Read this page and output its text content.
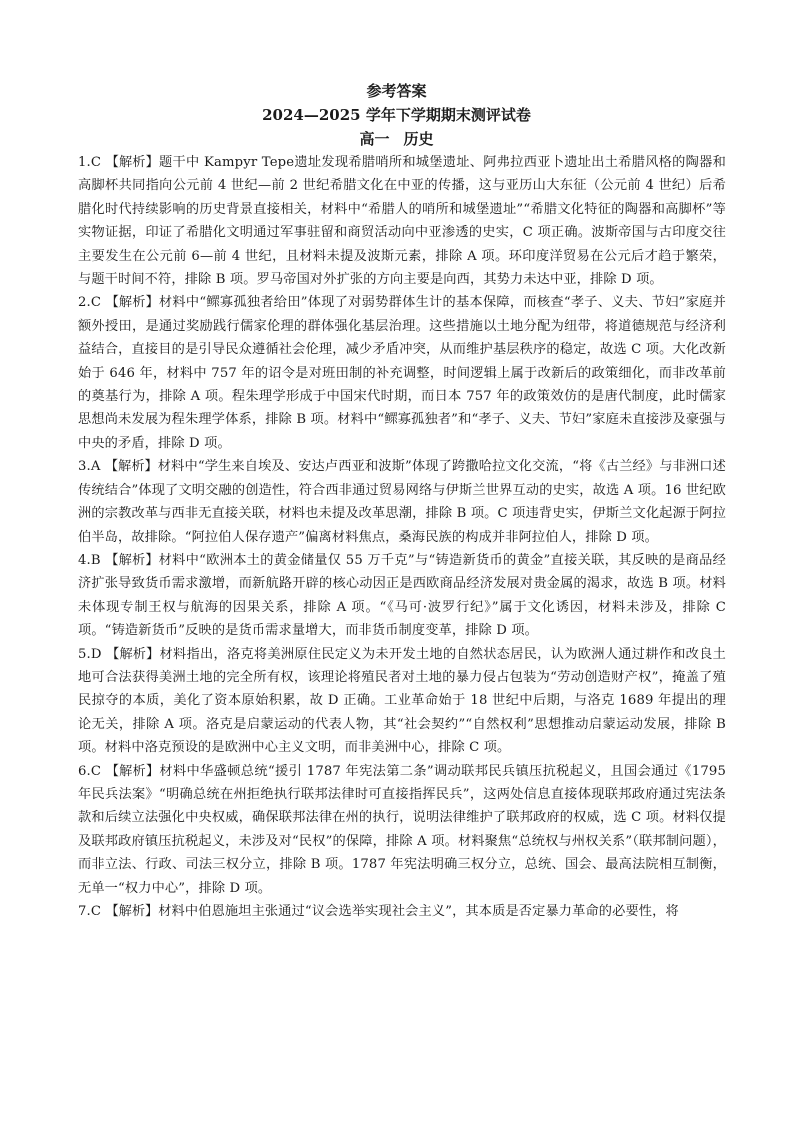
参考答案
2024—2025 学年下学期期末测评试卷
高一 历史

1.C 【解析】题干中 Kampyr Tepe遗址发现希腊哨所和城堡遗址、阿弗拉西亚卜遗址出土希腊风格的陶器和高脚杯共同指向公元前 4 世纪—前 2 世纪希腊文化在中亚的传播，这与亚历山大东征（公元前 4 世纪）后希腊化时代持续影响的历史背景直接相关，材料中“希腊人的哨所和城堡遗址”“希腊文化特征的陶器和高脚杯”等实物证据，印证了希腊化文明通过军事驻留和商贸活动向中亚渗透的史实，C 项正确。波斯帝国与古印度交往主要发生在公元前 6—前 4 世纪，且材料未提及波斯元素，排除 A 项。环印度洋贸易在公元后才趋于繁荣，与题干时间不符，排除 B 项。罗马帝国对外扩张的方向主要是向西，其势力未达中亚，排除 D 项。

2.C 【解析】材料中“鳏寡孤独者给田”体现了对弱势群体生计的基本保障，而核查“孝子、义夫、节妇”家庭并额外授田，是通过奖励践行儒家伦理的群体强化基层治理。这些措施以土地分配为纽带，将道德规范与经济利益结合，直接目的是引导民众遵循社会伦理，减少矛盾冲突，从而维护基层秩序的稳定，故选 C 项。大化改新始于 646 年，材料中 757 年的诏令是对班田制的补充调整，时间逻辑上属于改新后的政策细化，而非改革前的奠基行为，排除 A 项。程朱理学形成于中国宋代时期，而日本 757 年的政策效仿的是唐代制度，此时儒家思想尚未发展为程朱理学体系，排除 B 项。材料中“鳏寡孤独者”和“孝子、义夫、节妇”家庭未直接涉及豪强与中央的矛盾，排除 D 项。

3.A 【解析】材料中“学生来自埃及、安达卢西亚和波斯”体现了跨撒哈拉文化交流，“将《古兰经》与非洲口述传统结合”体现了文明交融的创造性，符合西非通过贸易网络与伊斯兰世界互动的史实，故选 A 项。16 世纪欧洲的宗教改革与西非无直接关联，材料也未提及改革思潮，排除 B 项。C 项违背史实，伊斯兰文化起源于阿拉伯半岛，故排除。“阿拉伯人保存遗产”偏离材料焦点，桑海民族的构成并非阿拉伯人，排除 D 项。

4.B 【解析】材料中“欧洲本土的黄金储量仅 55 万千克”与“铸造新货币的黄金”直接关联，其反映的是商品经济扩张导致货币需求激增，而新航路开辟的核心动因正是西欧商品经济发展对贵金属的渴求，故选 B 项。材料未体现专制王权与航海的因果关系，排除 A 项。“《马可·波罗行纪》”属于文化诱因，材料未涉及，排除 C 项。“铸造新货币”反映的是货币需求量增大，而非货币制度变革，排除 D 项。

5.D 【解析】材料指出，洛克将美洲原住民定义为未开发土地的自然状态居民，认为欧洲人通过耕作和改良土地可合法获得美洲土地的完全所有权，该理论将殖民者对土地的暴力侵占包装为“劳动创造财产权”，掩盖了殖民掠夺的本质，美化了资本原始积累，故 D 正确。工业革命始于 18 世纪中后期，与洛克 1689 年提出的理论无关，排除 A 项。洛克是启蒙运动的代表人物，其“社会契约”“自然权利”思想推动启蒙运动发展，排除 B 项。材料中洛克预设的是欧洲中心主义文明，而非美洲中心，排除 C 项。

6.C 【解析】材料中华盛顿总统“援引 1787 年宪法第二条”调动联邦民兵镇压抗税起义，且国会通过《1795 年民兵法案》“明确总统在州拒绝执行联邦法律时可直接指挥民兵”，这两处信息直接体现联邦政府通过宪法条款和后续立法强化中央权威，确保联邦法律在州的执行，说明法律维护了联邦政府的权威，选 C 项。材料仅提及联邦政府镇压抗税起义，未涉及对“民权”的保障，排除 A 项。材料聚焦“总统权与州权关系”（联邦制问题），而非立法、行政、司法三权分立，排除 B 项。1787 年宪法明确三权分立，总统、国会、最高法院相互制衡，无单一“权力中心”，排除 D 项。

7.C 【解析】材料中伯恩施坦主张通过“议会选举实现社会主义”，其本质是否定暴力革命的必要性，将
